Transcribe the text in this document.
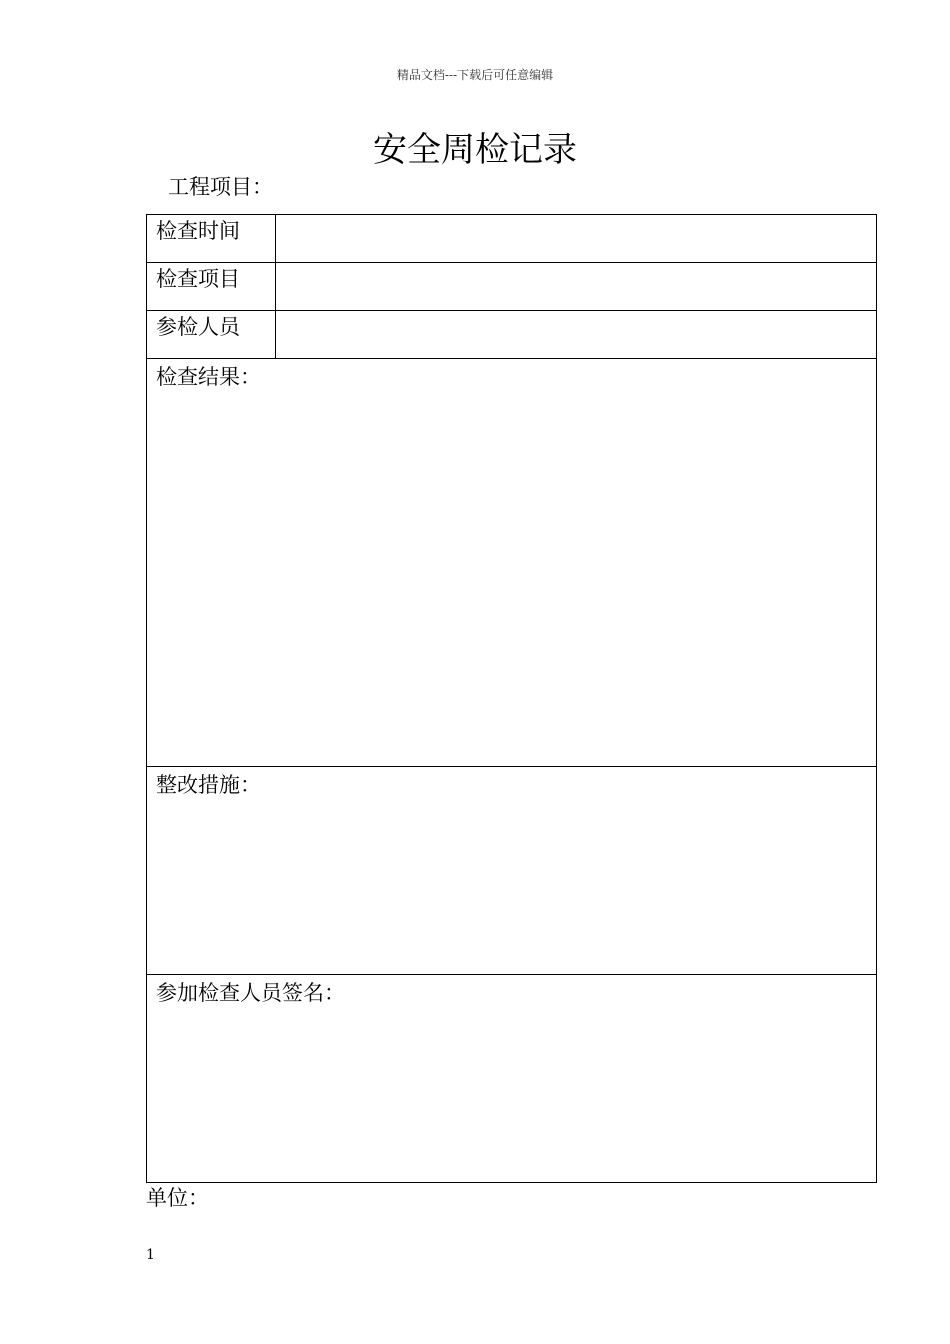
精品文档---下载后可任意编辑
安全周检记录
工程项目：
检查时间	
检查项目	
参检人员	
检查结果：	
整改措施：	
参加检查人员签名：	
单位：
1
